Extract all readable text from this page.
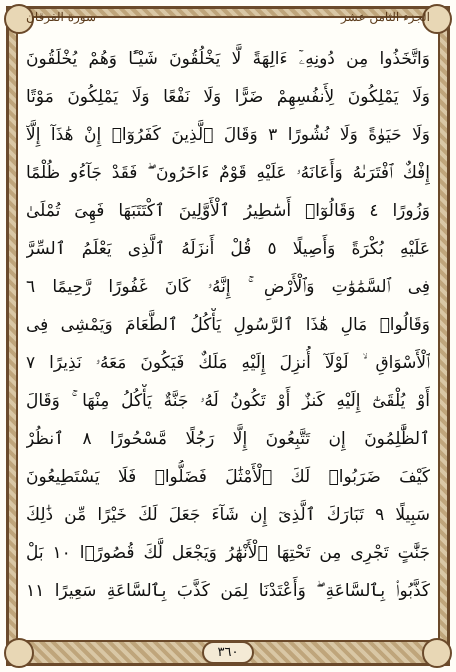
الجزء الثامن عشر
سورة الفرقان
وَاتَّخَذُوا مِن دُونِهِۦٓ ءَالِهَةً لَّا يَخْلُقُونَ شَيْـًٔا وَهُمْ يُخْلَقُونَ
وَلَا يَمْلِكُونَ لِأَنفُسِهِمْ ضَرًّا وَلَا نَفْعًا وَلَا يَمْلِكُونَ مَوْتًا
وَلَا حَيَوٰةً وَلَا نُشُورًا ٣ وَقَالَ ٱلَّذِينَ كَفَرُوٓا۟ إِنْ هَٰذَآ إِلَّآ
إِفْكٌ ٱفْتَرَىٰهُ وَأَعَانَهُۥ عَلَيْهِ قَوْمٌ ءَاخَرُونَ ۖ فَقَدْ جَآءُو ظُلْمًا
وَزُورًا ٤ وَقَالُوٓا۟ أَسَٰطِيرُ ٱلْأَوَّلِينَ ٱكْتَتَبَهَا فَهِىَ تُمْلَىٰ
عَلَيْهِ بُكْرَةً وَأَصِيلًا ٥ قُلْ أَنزَلَهُ ٱلَّذِى يَعْلَمُ ٱلسِّرَّ
فِى ٱلسَّمَٰوَٰتِ وَٱلْأَرْضِ ۚ إِنَّهُۥ كَانَ غَفُورًا رَّحِيمًا ٦
وَقَالُوا۟ مَالِ هَٰذَا ٱلرَّسُولِ يَأْكُلُ ٱلطَّعَامَ وَيَمْشِى فِى
ٱلْأَسْوَاقِ ۙ لَوْلَآ أُنزِلَ إِلَيْهِ مَلَكٌ فَيَكُونَ مَعَهُۥ نَذِيرًا ٧
أَوْ يُلْقَىٰٓ إِلَيْهِ كَنزٌ أَوْ تَكُونُ لَهُۥ جَنَّةٌ يَأْكُلُ مِنْهَا ۚ وَقَالَ
ٱلظَّٰلِمُونَ إِن تَتَّبِعُونَ إِلَّا رَجُلًا مَّسْحُورًا ٨ ٱنظُرْ
كَيْفَ ضَرَبُوا۟ لَكَ ٱلْأَمْثَٰلَ فَضَلُّوا۟ فَلَا يَسْتَطِيعُونَ
سَبِيلًا ٩ تَبَارَكَ ٱلَّذِىٓ إِن شَآءَ جَعَلَ لَكَ خَيْرًا مِّن ذَٰلِكَ
جَنَّٰتٍ تَجْرِى مِن تَحْتِهَا ٱلْأَنْهَٰرُ وَيَجْعَل لَّكَ قُصُورًۢا ١٠ بَلْ
كَذَّبُوا۟ بِٱلسَّاعَةِ ۖ وَأَعْتَدْنَا لِمَن كَذَّبَ بِٱلسَّاعَةِ سَعِيرًا ١١
٣٦٠
